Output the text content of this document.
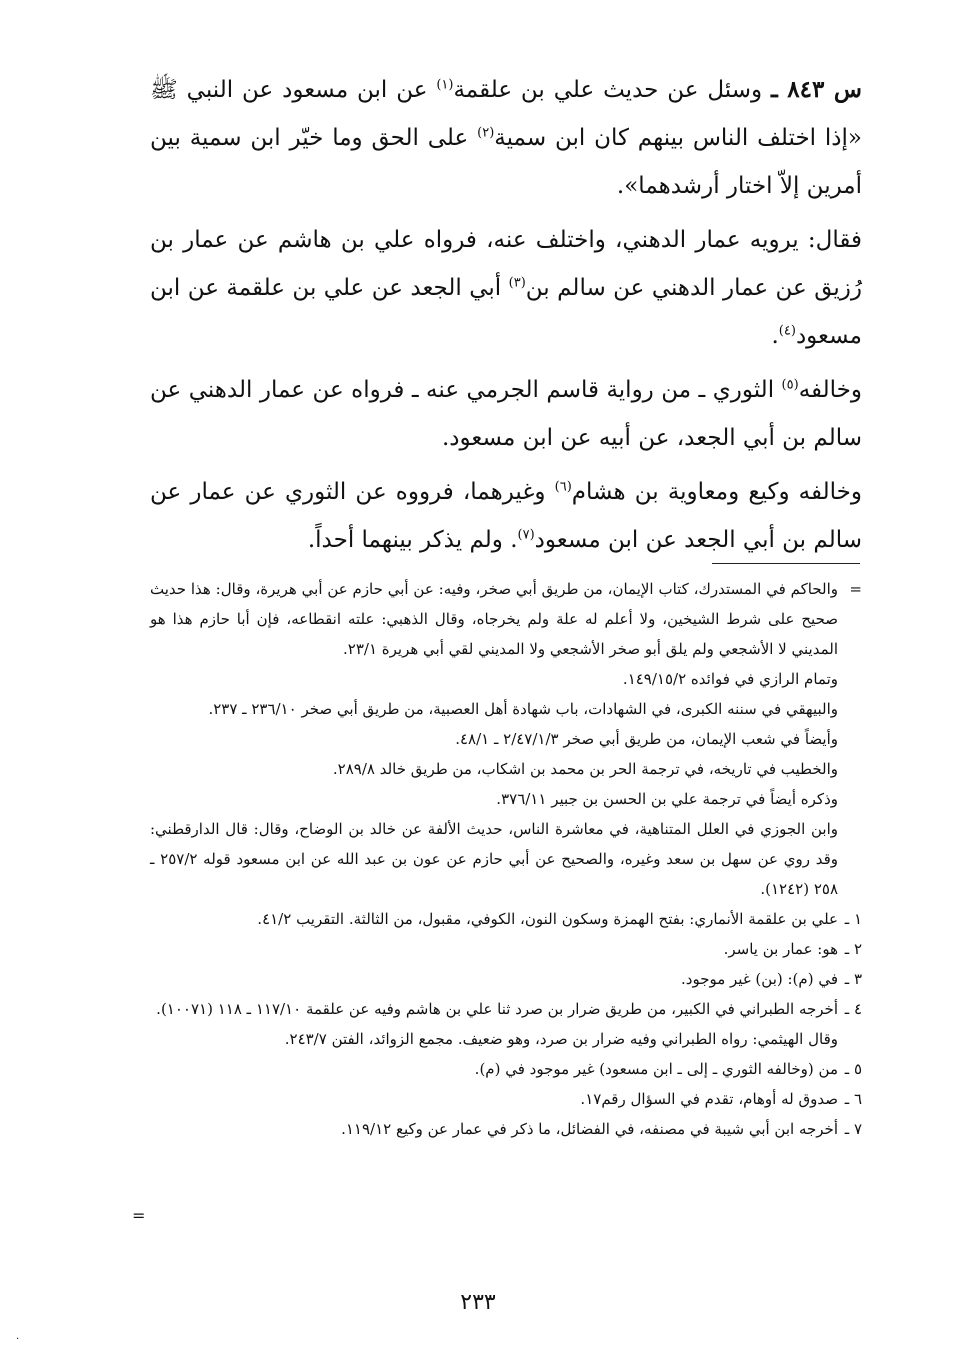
س ٨٤٣ ـ وسئل عن حديث علي بن علقمة$^{(١)}$ عن ابن مسعود عن النبي ﷺ «إذا اختلف الناس بينهم كان ابن سمية$^{(٢)}$ على الحق وما خيّر ابن سمية بين أمرين إلاّ اختار أرشدهما».

فقال: يرويه عمار الدهني، واختلف عنه، فرواه علي بن هاشم عن عمار بن رُزيق عن عمار الدهني عن سالم بن$^{(٣)}$ أبي الجعد عن علي بن علقمة عن ابن مسعود$^{(٤)}$.

وخالفه$^{(٥)}$ الثوري ـ من رواية قاسم الجرمي عنه ـ فرواه عن عمار الدهني عن سالم بن أبي الجعد، عن أبيه عن ابن مسعود.

وخالفه وكيع ومعاوية بن هشام$^{(٦)}$ وغيرهما، فرووه عن الثوري عن عمار عن سالم بن أبي الجعد عن ابن مسعود$^{(٧)}$. ولم يذكر بينهما أحداً.

=
والحاكم في المستدرك، كتاب الإيمان، من طريق أبي صخر، وفيه: عن أبي حازم عن أبي هريرة، وقال: هذا حديث صحيح على شرط الشيخين، ولا أعلم له علة ولم يخرجاه، وقال الذهبي: علته انقطاعه، فإن أبا حازم هذا هو المديني لا الأشجعي ولم يلق أبو صخر الأشجعي ولا المديني لقي أبي هريرة ٢٣/١.
وتمام الرازي في فوائده ١٤٩/١٥/٢.
والبيهقي في سننه الكبرى، في الشهادات، باب شهادة أهل العصبية، من طريق أبي صخر ٢٣٦/١٠ ـ ٢٣٧.
وأيضاً في شعب الإيمان، من طريق أبي صخر ٢/٤٧/١/٣ ـ ٤٨/١.
والخطيب في تاريخه، في ترجمة الحر بن محمد بن اشكاب، من طريق خالد ٢٨٩/٨.
وذكره أيضاً في ترجمة علي بن الحسن بن جبير ٣٧٦/١١.
وابن الجوزي في العلل المتناهية، في معاشرة الناس، حديث الألفة عن خالد بن الوضاح، وقال: قال الدارقطني: وقد روي عن سهل بن سعد وغيره، والصحيح عن أبي حازم عن عون بن عبد الله عن ابن مسعود قوله ٢٥٧/٢ ـ ٢٥٨ (١٢٤٢).
١ ـ
علي بن علقمة الأنماري: بفتح الهمزة وسكون النون، الكوفي، مقبول، من الثالثة. التقريب ٤١/٢.
٢ ـ
هو: عمار بن ياسر.
٣ ـ
في (م): (بن) غير موجود.
٤ ـ
أخرجه الطبراني في الكبير، من طريق ضرار بن صرد ثنا علي بن هاشم وفيه عن علقمة ١١٧/١٠ ـ ١١٨ (١٠٠٧١).
وقال الهيثمي: رواه الطبراني وفيه ضرار بن صرد، وهو ضعيف. مجمع الزوائد، الفتن ٢٤٣/٧.
٥ ـ
من (وخالفه الثوري ـ إلى ـ ابن مسعود) غير موجود في (م).
٦ ـ
صدوق له أوهام، تقدم في السؤال رقم١٧.
٧ ـ
أخرجه ابن أبي شيبة في مصنفه، في الفضائل، ما ذكر في عمار عن وكيع ١١٩/١٢.
=
٢٣٣
·
